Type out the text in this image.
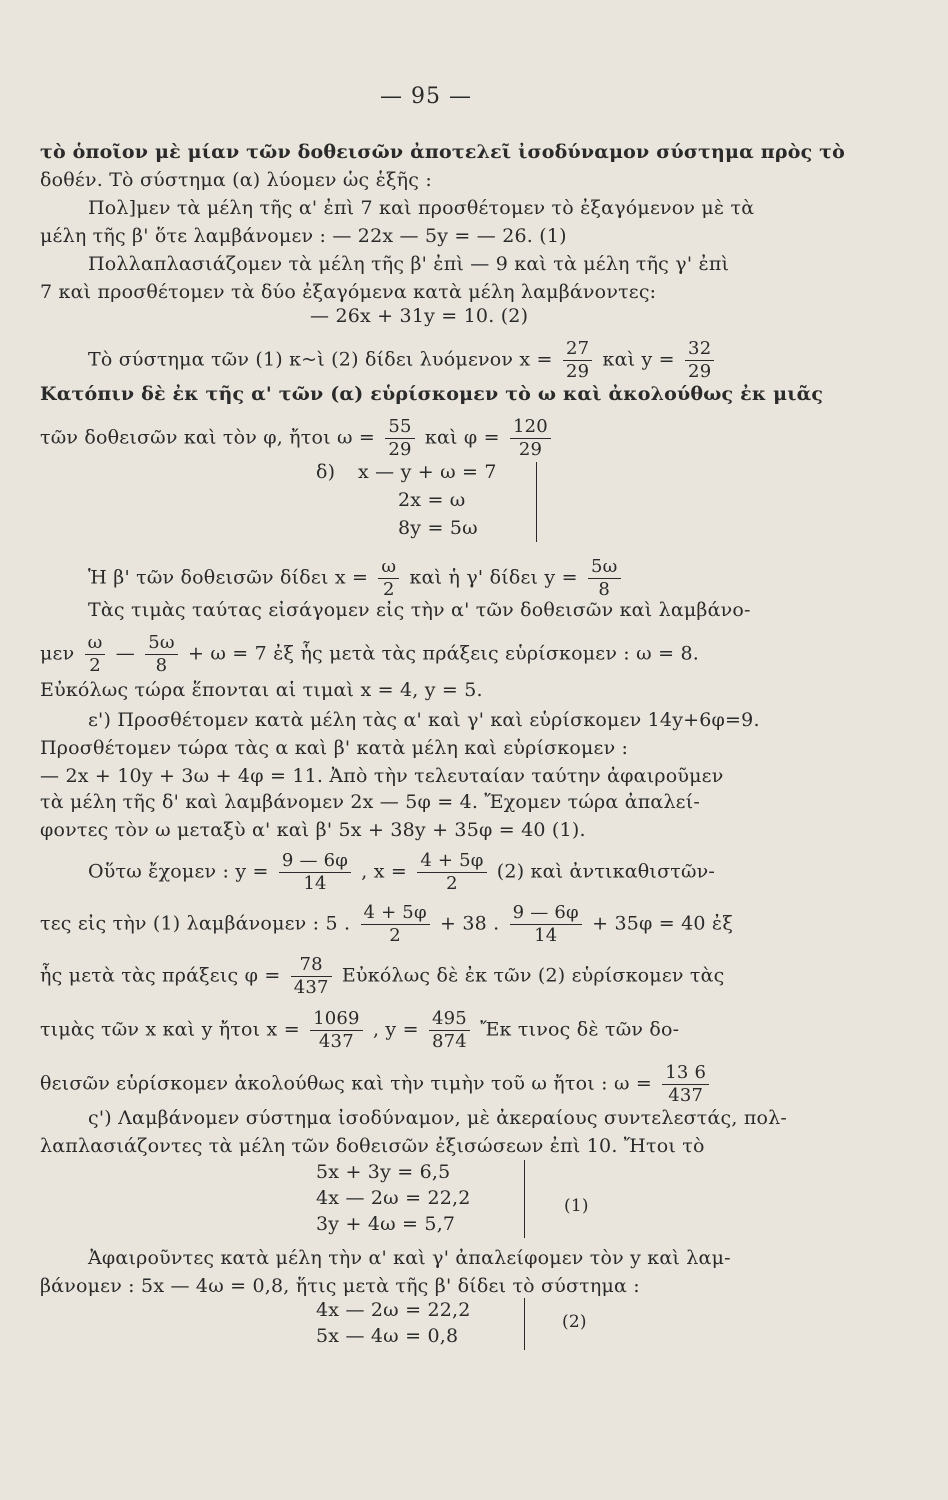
— 95 —
τὸ ὁποῖον μὲ μίαν τῶν δοθεισῶν ἀποτελεῖ ἰσοδύναμον σύστημα πρὸς τὸ
δοθέν. Τὸ σύστημα (α) λύομεν ὡς ἑξῆς :
Πολ]μεν τὰ μέλη τῆς α' ἐπὶ 7 καὶ προσθέτομεν τὸ ἐξαγόμενον μὲ τὰ
μέλη τῆς β' ὅτε λαμβάνομεν : — 22x — 5y = — 26. (1)
Πολλαπλασιάζομεν τὰ μέλη τῆς β' ἐπὶ — 9 καὶ τὰ μέλη τῆς γ' ἐπὶ
7 καὶ προσθέτομεν τὰ δύο ἐξαγόμενα κατὰ μέλη λαμβάνοντες:
— 26x + 31y = 10. (2)
Τὸ σύστημα τῶν (1) κ~ὶ (2) δίδει λυόμενον $x = \frac{27}{29}$ καὶ $y = \frac{32}{29}$
Κατόπιν δὲ ἐκ τῆς α' τῶν (α) εὑρίσκομεν τὸ ω καὶ ἀκολούθως ἐκ μιᾶς
τῶν δοθεισῶν καὶ τὸν φ, ἤτοι $\omega = \frac{55}{29}$ καὶ $\varphi = \frac{120}{29}$
δ) x — y + ω = 7
2x = ω
8y = 5ω
Ἡ β' τῶν δοθεισῶν δίδει $x = \frac{\omega}{2}$ καὶ ἡ γ' δίδει $y = \frac{5\omega}{8}$
Τὰς τιμὰς ταύτας εἰσάγομεν εἰς τὴν α' τῶν δοθεισῶν καὶ λαμβάνο-
μεν $\frac{\omega}{2}$ — $\frac{5\omega}{8} + \omega = 7$ ἐξ ἧς μετὰ τὰς πράξεις εὑρίσκομεν : ω = 8.
Εὐκόλως τώρα ἕπονται αἱ τιμαὶ x = 4, y = 5.
ε') Προσθέτομεν κατὰ μέλη τὰς α' καὶ γ' καὶ εὑρίσκομεν 14y+6φ=9.
Προσθέτομεν τώρα τὰς α καὶ β' κατὰ μέλη καὶ εὑρίσκομεν :
— 2x + 10y + 3ω + 4φ = 11. Ἀπὸ τὴν τελευταίαν ταύτην ἀφαιροῦμεν
τὰ μέλη τῆς δ' καὶ λαμβάνομεν 2x — 5φ = 4. Ἔχομεν τώρα ἀπαλεί-
φοντες τὸν ω μεταξὺ α' καὶ β' 5x + 38y + 35φ = 40 (1).
Οὕτω ἔχομεν : $y = \frac{9 — 6\varphi}{14}$ , $x = \frac{4 + 5\varphi}{2} (2)$ καὶ ἀντικαθιστῶν-
τες εἰς τὴν (1) λαμβάνομεν : 5 . $\frac{4 + 5\varphi}{2} + 38$ . $\frac{9 — 6\varphi}{14} + 35\varphi = 40$ ἐξ
ἧς μετὰ τὰς πράξεις $\varphi = \frac{78}{437}$ Εὐκόλως δὲ ἐκ τῶν (2) εὑρίσκομεν τὰς
τιμὰς τῶν x καὶ y ἤτοι $x = \frac{1069}{437}$ , $y = \frac{495}{874}$ Ἔκ τινος δὲ τῶν δο-
θεισῶν εὑρίσκομεν ἀκολούθως καὶ τὴν τιμὴν τοῦ ω ἤτοι : $\omega = \frac{13 6}{437}$
ς') Λαμβάνομεν σύστημα ἰσοδύναμον, μὲ ἀκεραίους συντελεστάς, πολ-
λαπλασιάζοντες τὰ μέλη τῶν δοθεισῶν ἐξισώσεων ἐπὶ 10. Ἤτοι τὸ
5x + 3y = 6,5
4x — 2ω = 22,2
3y + 4ω = 5,7
(1)
Ἀφαιροῦντες κατὰ μέλη τὴν α' καὶ γ' ἀπαλείφομεν τὸν y καὶ λαμ-
βάνομεν : 5x — 4ω = 0,8, ἥτις μετὰ τῆς β' δίδει τὸ σύστημα :
4x — 2ω = 22,2
5x — 4ω = 0,8
(2)
